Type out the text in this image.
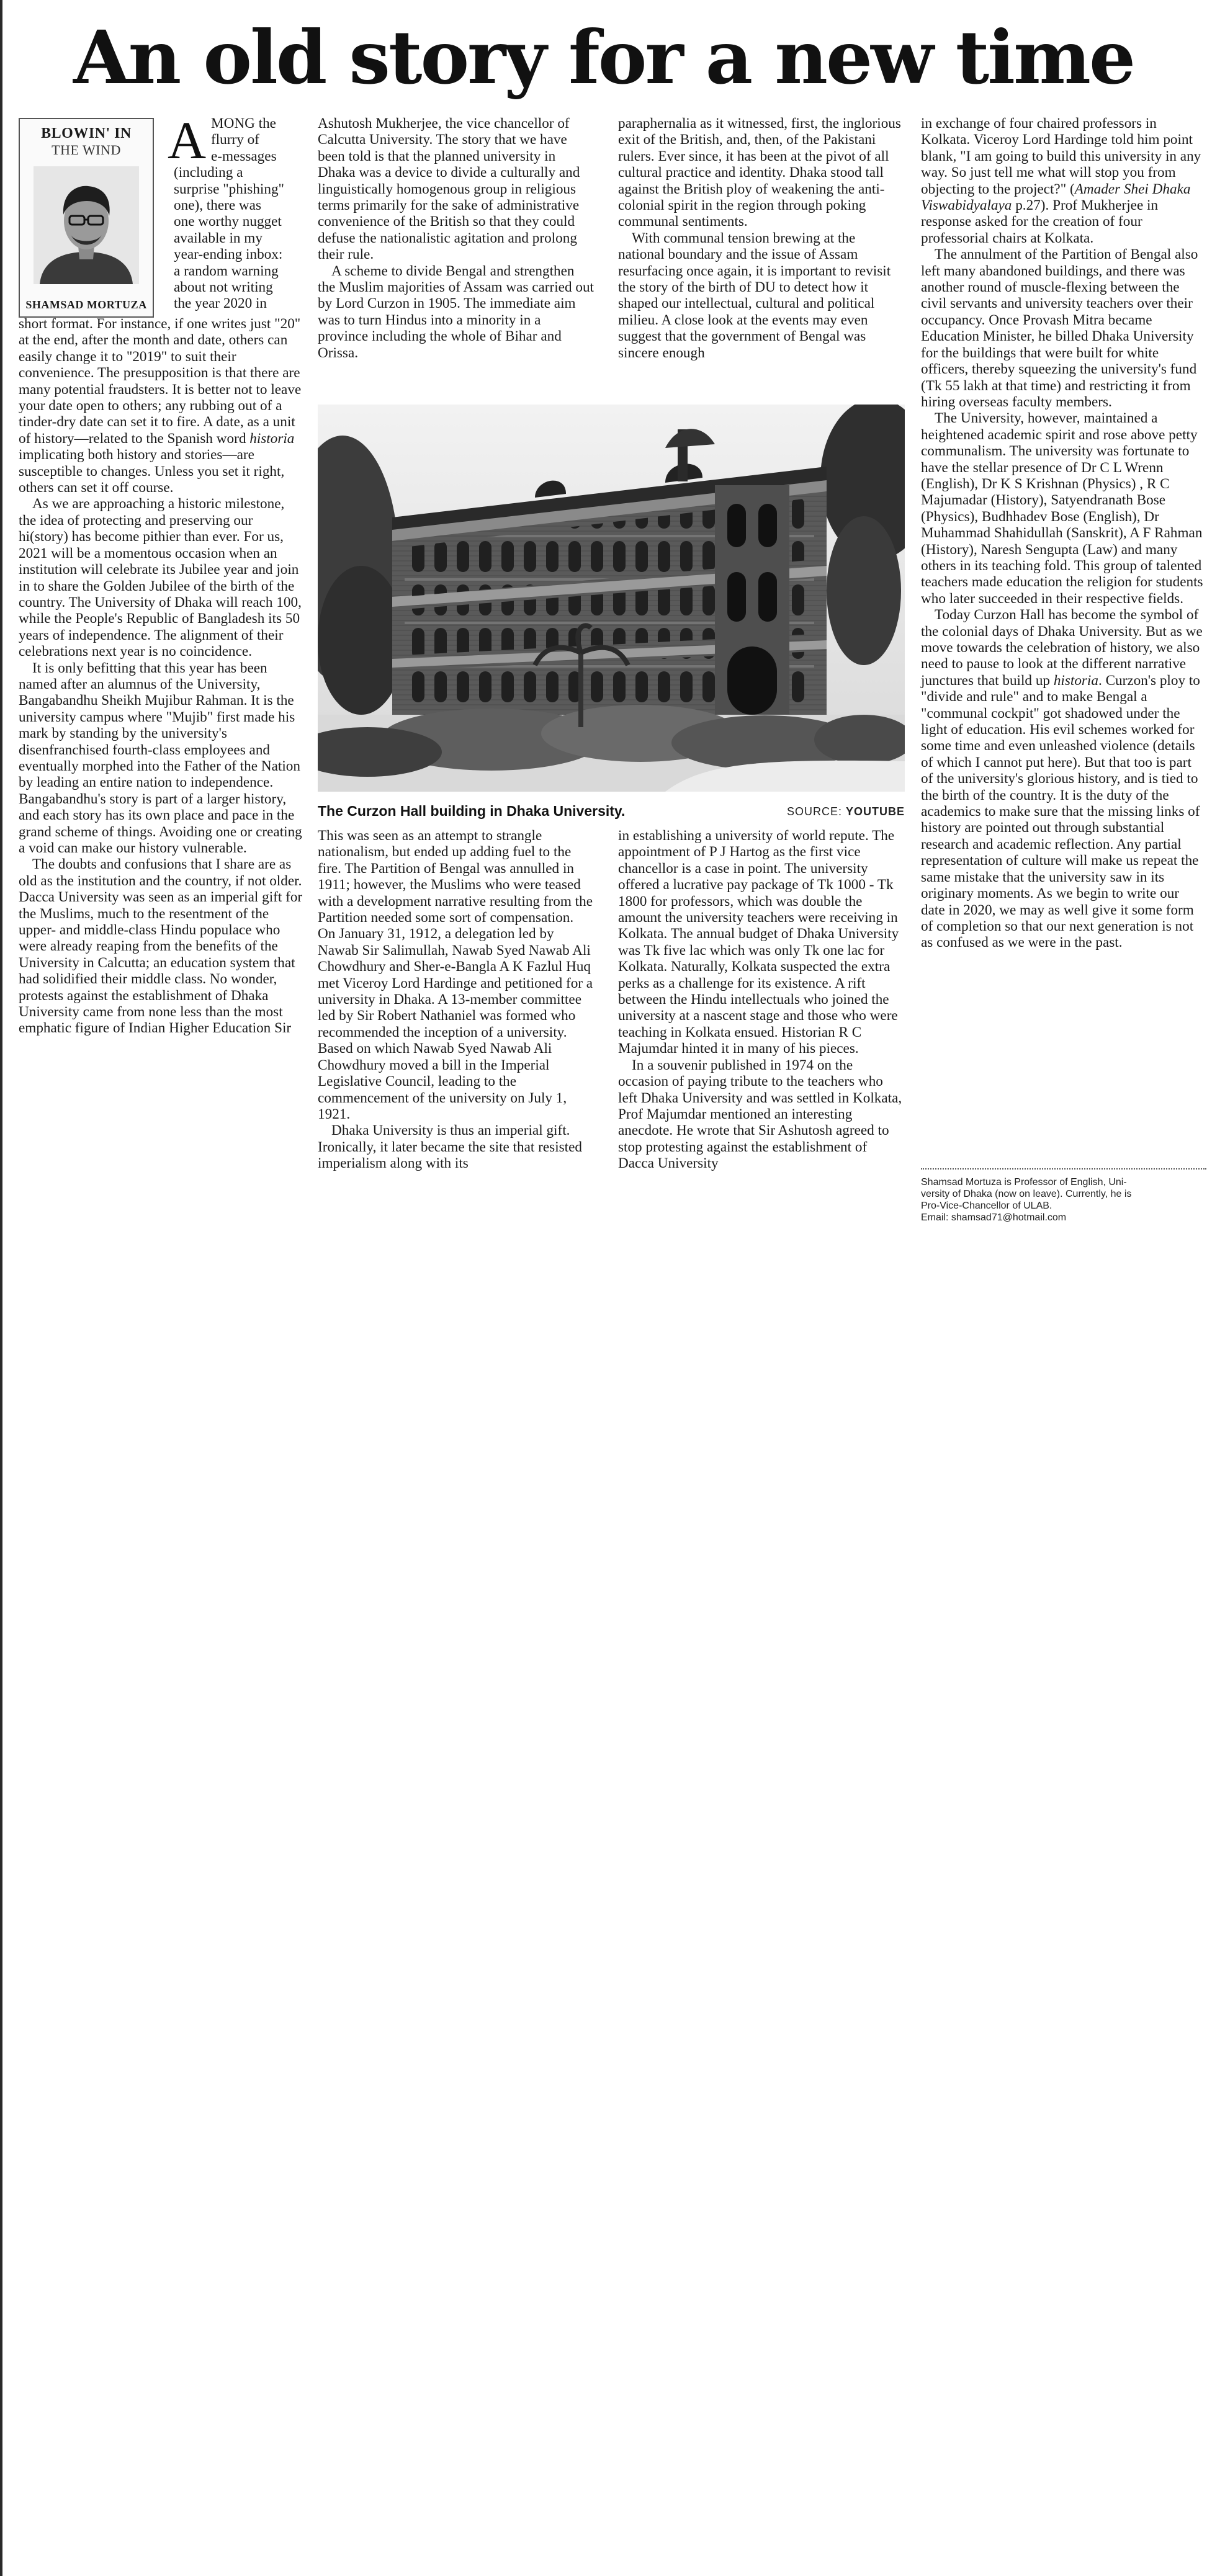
An old story for a new time
BLOWIN' IN
THE WIND
SHAMSAD MORTUZA
A MONG the
flurry of
e-messages
(including a
surprise "phishing"
one), there was
one worthy nugget
available in my
year-ending inbox:
a random warning
about not writing
the year 2020 in

short format. For instance, if one writes just "20" at the end, after the month and date, others can easily change it to "2019" to suit their convenience. The presupposition is that there are many potential fraudsters. It is better not to leave your date open to others; any rubbing out of a tinder-dry date can set it to fire. A date, as a unit of history—related to the Spanish word historia implicating both history and stories—are susceptible to changes. Unless you set it right, others can set it off course.

As we are approaching a historic milestone, the idea of protecting and preserving our hi(story) has become pithier than ever. For us, 2021 will be a momentous occasion when an institution will celebrate its Jubilee year and join in to share the Golden Jubilee of the birth of the country. The University of Dhaka will reach 100, while the People's Republic of Bangladesh its 50 years of independence. The alignment of their celebrations next year is no coincidence.

It is only befitting that this year has been named after an alumnus of the University, Bangabandhu Sheikh Mujibur Rahman. It is the university campus where "Mujib" first made his mark by standing by the university's disenfranchised fourth-class employees and eventually morphed into the Father of the Nation by leading an entire nation to independence. Bangabandhu's story is part of a larger history, and each story has its own place and pace in the grand scheme of things. Avoiding one or creating a void can make our history vulnerable.

The doubts and confusions that I share are as old as the institution and the country, if not older. Dacca University was seen as an imperial gift for the Muslims, much to the resentment of the upper- and middle-class Hindu populace who were already reaping from the benefits of the University in Calcutta; an education system that had solidified their middle class. No wonder, protests against the establishment of Dhaka University came from none less than the most emphatic figure of Indian Higher Education Sir

Ashutosh Mukherjee, the vice chancellor of Calcutta University. The story that we have been told is that the planned university in Dhaka was a device to divide a culturally and linguistically homogenous group in religious terms primarily for the sake of administrative convenience of the British so that they could defuse the nationalistic agitation and prolong their rule.

A scheme to divide Bengal and strengthen the Muslim majorities of Assam was carried out by Lord Curzon in 1905. The immediate aim was to turn Hindus into a minority in a province including the whole of Bihar and Orissa.

paraphernalia as it witnessed, first, the inglorious exit of the British, and, then, of the Pakistani rulers. Ever since, it has been at the pivot of all cultural practice and identity. Dhaka stood tall against the British ploy of weakening the anti-colonial spirit in the region through poking communal sentiments.

With communal tension brewing at the national boundary and the issue of Assam resurfacing once again, it is important to revisit the story of the birth of DU to detect how it shaped our intellectual, cultural and political milieu. A close look at the events may even suggest that the government of Bengal was sincere enough

The Curzon Hall building in Dhaka University.	SOURCE: YOUTUBE

This was seen as an attempt to strangle nationalism, but ended up adding fuel to the fire. The Partition of Bengal was annulled in 1911; however, the Muslims who were teased with a development narrative resulting from the Partition needed some sort of compensation. On January 31, 1912, a delegation led by Nawab Sir Salimullah, Nawab Syed Nawab Ali Chowdhury and Sher-e-Bangla A K Fazlul Huq met Viceroy Lord Hardinge and petitioned for a university in Dhaka. A 13-member committee led by Sir Robert Nathaniel was formed who recommended the inception of a university. Based on which Nawab Syed Nawab Ali Chowdhury moved a bill in the Imperial Legislative Council, leading to the commencement of the university on July 1, 1921.

Dhaka University is thus an imperial gift. Ironically, it later became the site that resisted imperialism along with its

in establishing a university of world repute. The appointment of P J Hartog as the first vice chancellor is a case in point. The university offered a lucrative pay package of Tk 1000 - Tk 1800 for professors, which was double the amount the university teachers were receiving in Kolkata. The annual budget of Dhaka University was Tk five lac which was only Tk one lac for Kolkata. Naturally, Kolkata suspected the extra perks as a challenge for its existence. A rift between the Hindu intellectuals who joined the university at a nascent stage and those who were teaching in Kolkata ensued. Historian R C Majumdar hinted it in many of his pieces.

In a souvenir published in 1974 on the occasion of paying tribute to the teachers who left Dhaka University and was settled in Kolkata, Prof Majumdar mentioned an interesting anecdote. He wrote that Sir Ashutosh agreed to stop protesting against the establishment of Dacca University

in exchange of four chaired professors in Kolkata. Viceroy Lord Hardinge told him point blank, "I am going to build this university in any way. So just tell me what will stop you from objecting to the project?" (Amader Shei Dhaka Viswabidyalaya p.27). Prof Mukherjee in response asked for the creation of four professorial chairs at Kolkata.

The annulment of the Partition of Bengal also left many abandoned buildings, and there was another round of muscle-flexing between the civil servants and university teachers over their occupancy. Once Provash Mitra became Education Minister, he billed Dhaka University for the buildings that were built for white officers, thereby squeezing the university's fund (Tk 55 lakh at that time) and restricting it from hiring overseas faculty members.

The University, however, maintained a heightened academic spirit and rose above petty communalism. The university was fortunate to have the stellar presence of Dr C L Wrenn (English), Dr K S Krishnan (Physics) , R C Majumadar (History), Satyendranath Bose (Physics), Budhhadev Bose (English), Dr Muhammad Shahidullah (Sanskrit), A F Rahman (History), Naresh Sengupta (Law) and many others in its teaching fold. This group of talented teachers made education the religion for students who later succeeded in their respective fields.

Today Curzon Hall has become the symbol of the colonial days of Dhaka University. But as we move towards the celebration of history, we also need to pause to look at the different narrative junctures that build up historia. Curzon's ploy to "divide and rule" and to make Bengal a "communal cockpit" got shadowed under the light of education. His evil schemes worked for some time and even unleashed violence (details of which I cannot put here). But that too is part of the university's glorious history, and is tied to the birth of the country. It is the duty of the academics to make sure that the missing links of history are pointed out through substantial research and academic reflection. Any partial representation of culture will make us repeat the same mistake that the university saw in its originary moments. As we begin to write our date in 2020, we may as well give it some form of completion so that our next generation is not as confused as we were in the past.

Shamsad Mortuza is Professor of English, Uni-
versity of Dhaka (now on leave). Currently, he is
Pro-Vice-Chancellor of ULAB.
Email: shamsad71@hotmail.com
